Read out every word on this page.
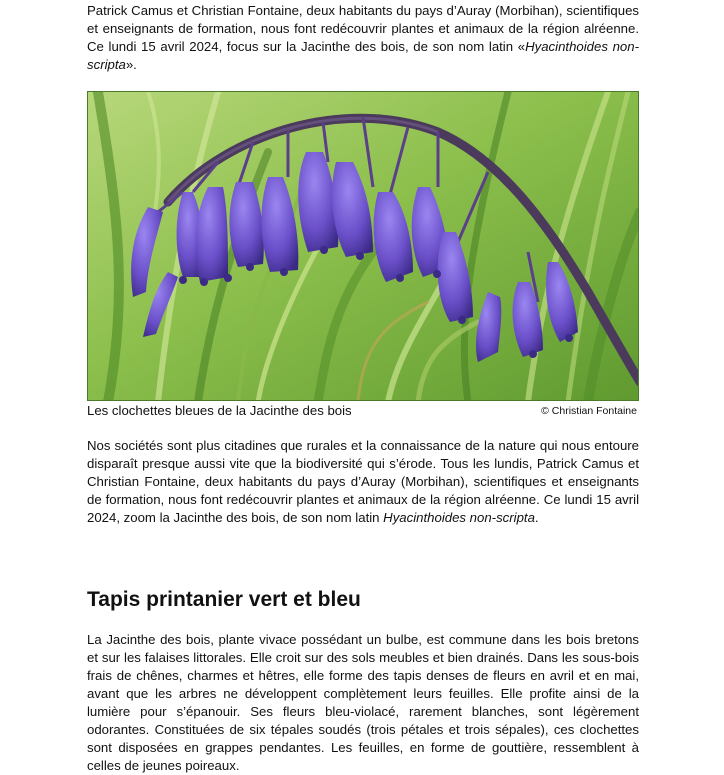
Patrick Camus et Christian Fontaine, deux habitants du pays d’Auray (Morbihan), scientifiques et enseignants de formation, nous font redécouvrir plantes et animaux de la région alréenne. Ce lundi 15 avril 2024, focus sur la Jacinthe des bois, de son nom latin «Hyacinthoides non-scripta».

Les clochettes bleues de la Jacinthe des bois	© Christian Fontaine

Nos sociétés sont plus citadines que rurales et la connaissance de la nature qui nous entoure disparaît presque aussi vite que la biodiversité qui s’érode. Tous les lundis, Patrick Camus et Christian Fontaine, deux habitants du pays d’Auray (Morbihan), scientifiques et enseignants de formation, nous font redécouvrir plantes et animaux de la région alréenne. Ce lundi 15 avril 2024, zoom la Jacinthe des bois, de son nom latin Hyacinthoides non-scripta.

Tapis printanier vert et bleu

La Jacinthe des bois, plante vivace possédant un bulbe, est commune dans les bois bretons et sur les falaises littorales. Elle croit sur des sols meubles et bien drainés. Dans les sous-bois frais de chênes, charmes et hêtres, elle forme des tapis denses de fleurs en avril et en mai, avant que les arbres ne développent complètement leurs feuilles. Elle profite ainsi de la lumière pour s’épanouir. Ses fleurs bleu-violacé, rarement blanches, sont légèrement odorantes. Constituées de six tépales soudés (trois pétales et trois sépales), ces clochettes sont disposées en grappes pendantes. Les feuilles, en forme de gouttière, ressemblent à celles de jeunes poireaux.
